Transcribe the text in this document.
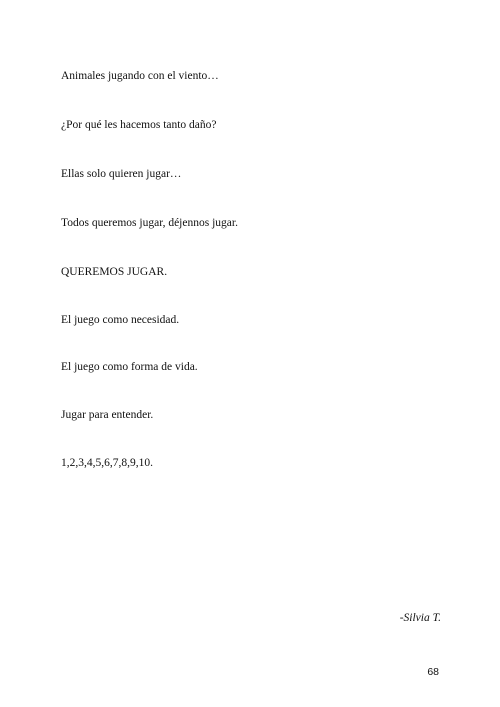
Animales jugando con el viento…

¿Por qué les hacemos tanto daño?

Ellas solo quieren jugar…

Todos queremos jugar, déjennos jugar.

QUEREMOS JUGAR.

El juego como necesidad.

El juego como forma de vida.

Jugar para entender.

1,2,3,4,5,6,7,8,9,10.

-Silvia T.

68
